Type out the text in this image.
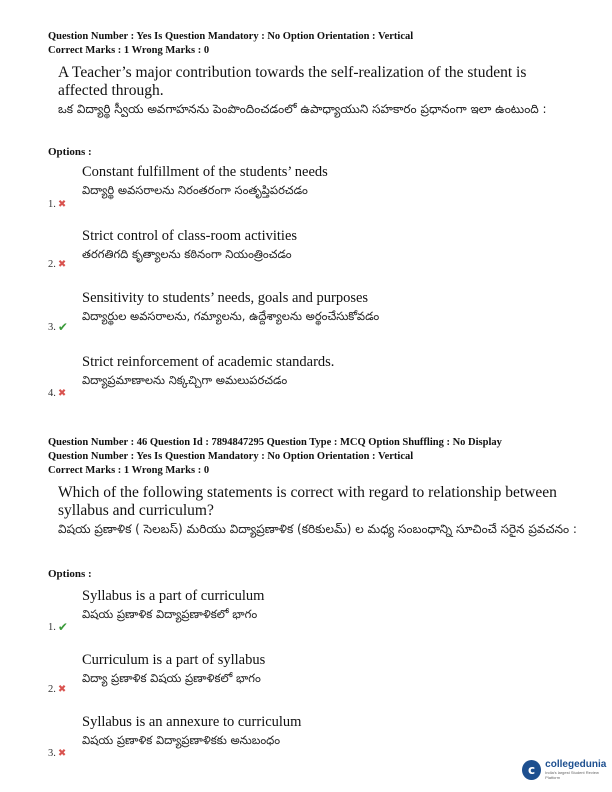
Question Number : Yes Is Question Mandatory : No Option Orientation : Vertical
Correct Marks : 1 Wrong Marks : 0
A Teacher’s major contribution towards the self-realization of the student is affected through.
ఒక విద్యార్థి స్వీయ అవగాహనను పెంపొందించడంలో ఉపాధ్యాయుని సహకారం ప్రధానంగా ఇలా ఉంటుంది :
Options :
Constant fulfillment of the students’ needs
విద్యార్థి అవసరాలను నిరంతరంగా సంతృప్తిపరచడం
1. ✖
Strict control of class-room activities
తరగతిగది కృత్యాలను కఠినంగా నియంత్రించడం
2. ✖
Sensitivity to students’ needs, goals and purposes
విద్యార్థుల అవసరాలను, గమ్యాలను, ఉద్దేశ్యాలను అర్థంచేసుకోవడం
3. ✔
Strict reinforcement of academic standards.
విద్యాప్రమాణాలను నిక్కచ్చిగా అమలుపరచడం
4. ✖
Question Number : 46 Question Id : 7894847295 Question Type : MCQ Option Shuffling : No Display
Question Number : Yes Is Question Mandatory : No Option Orientation : Vertical
Correct Marks : 1 Wrong Marks : 0
Which of the following statements is correct with regard to relationship between syllabus and curriculum?
విషయ ప్రణాళిక ( సెలబస్) మరియు విద్యాప్రణాళిక (కరికులమ్) ల మధ్య సంబంధాన్ని సూచించే సరైన ప్రవచనం :
Options :
Syllabus is a part of curriculum
విషయ ప్రణాళిక విద్యాప్రణాళికలో భాగం
1. ✔
Curriculum is a part of syllabus
విద్యా ప్రణాళిక విషయ ప్రణాళికలో భాగం
2. ✖
Syllabus is an annexure to curriculum
విషయ ప్రణాళిక విద్యాప్రణాళికకు అనుబంధం
3. ✖
c	collegedunia
India's largest Student Review Platform
